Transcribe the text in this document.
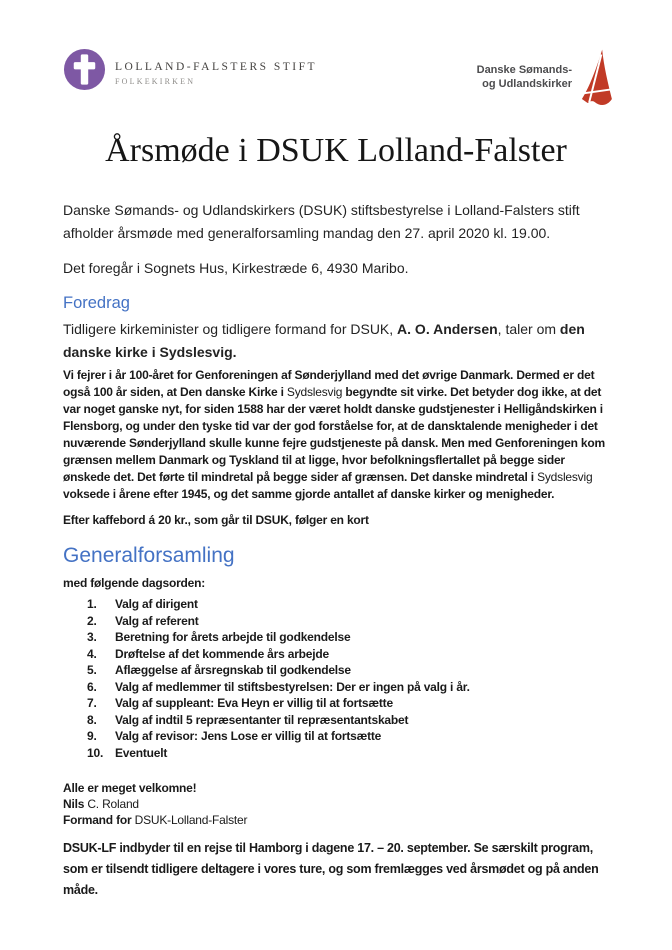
LOLLAND-FALSTERS STIFT
FOLKEKIRKEN
Danske Sømands-
og Udlandskirker
Årsmøde i DSUK Lolland-Falster

Danske Sømands- og Udlandskirkers (DSUK) stiftsbestyrelse i Lolland-Falsters stift afholder årsmøde med generalforsamling mandag den 27. april 2020 kl. 19.00.

Det foregår i Sognets Hus, Kirkestræde 6, 4930 Maribo.

Foredrag

Tidligere kirkeminister og tidligere formand for DSUK, A. O. Andersen, taler om den danske kirke i Sydslesvig.

Vi fejrer i år 100-året for Genforeningen af Sønderjylland med det øvrige Danmark. Dermed er det også 100 år siden, at Den danske Kirke i Sydslesvig begyndte sit virke. Det betyder dog ikke, at det var noget ganske nyt, for siden 1588 har der været holdt danske gudstjenester i Helligåndskirken i Flensborg, og under den tyske tid var der god forståelse for, at de dansktalende menigheder i det nuværende Sønderjylland skulle kunne fejre gudstjeneste på dansk. Men med Genforeningen kom grænsen mellem Danmark og Tyskland til at ligge, hvor befolkningsflertallet på begge sider ønskede det. Det førte til mindretal på begge sider af grænsen. Det danske mindretal i Sydslesvig voksede i årene efter 1945, og det samme gjorde antallet af danske kirker og menigheder.

Efter kaffebord á 20 kr., som går til DSUK, følger en kort

Generalforsamling

med følgende dagsorden:

1.	Valg af dirigent
2.	Valg af referent
3.	Beretning for årets arbejde til godkendelse
4.	Drøftelse af det kommende års arbejde
5.	Aflæggelse af årsregnskab til godkendelse
6.	Valg af medlemmer til stiftsbestyrelsen: Der er ingen på valg i år.
7.	Valg af suppleant: Eva Heyn er villig til at fortsætte
8.	Valg af indtil 5 repræsentanter til repræsentantskabet
9.	Valg af revisor: Jens Lose er villig til at fortsætte
10. Eventuelt
Alle er meget velkomne!
Nils C. Roland
Formand for DSUK-Lolland-Falster

DSUK-LF indbyder til en rejse til Hamborg i dagene 17. – 20. september. Se særskilt program, som er tilsendt tidligere deltagere i vores ture, og som fremlægges ved årsmødet og på anden måde.
